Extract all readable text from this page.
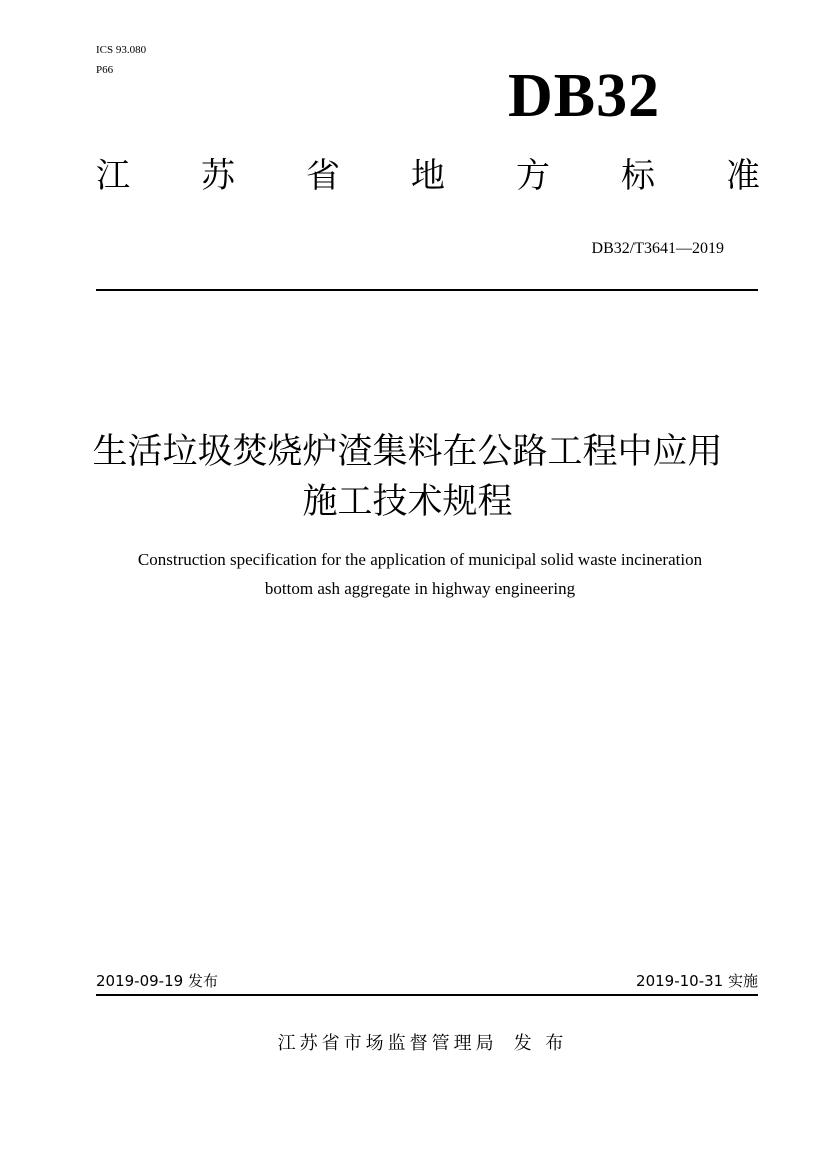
ICS 93.080
P66	DB32
江 苏 省 地 方 标 准
DB32/T3641—2019
生活垃圾焚烧炉渣集料在公路工程中应用
施工技术规程
Construction specification for the application of municipal solid waste incineration
bottom ash aggregate in highway engineering
2019-09-19 发布	2019-10-31 实施
江苏省市场监督管理局 发 布
